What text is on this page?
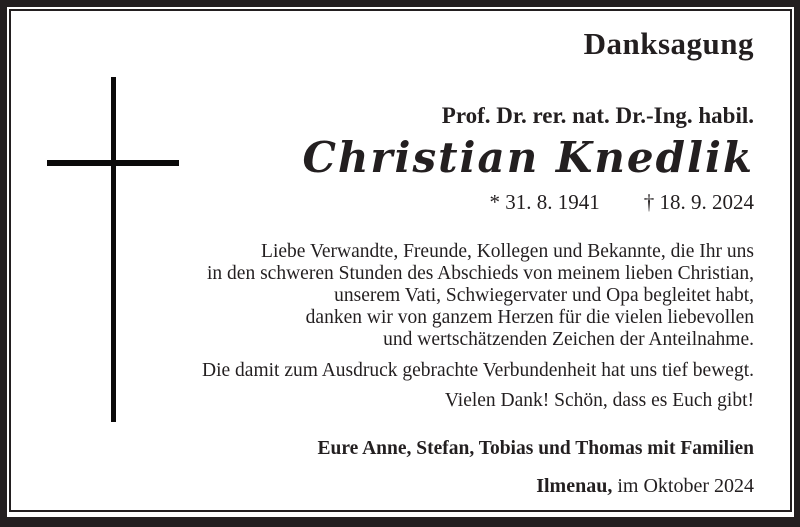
Danksagung
Prof. Dr. rer. nat. Dr.-Ing. habil.
Christian Knedlik
* 31. 8. 1941 † 18. 9. 2024
Liebe Verwandte, Freunde, Kollegen und Bekannte, die Ihr uns
in den schweren Stunden des Abschieds von meinem lieben Christian,
unserem Vati, Schwiegervater und Opa begleitet habt,
danken wir von ganzem Herzen für die vielen liebevollen
und wertschätzenden Zeichen der Anteilnahme.
Die damit zum Ausdruck gebrachte Verbundenheit hat uns tief bewegt.
Vielen Dank! Schön, dass es Euch gibt!
Eure Anne, Stefan, Tobias und Thomas mit Familien
Ilmenau, im Oktober 2024
